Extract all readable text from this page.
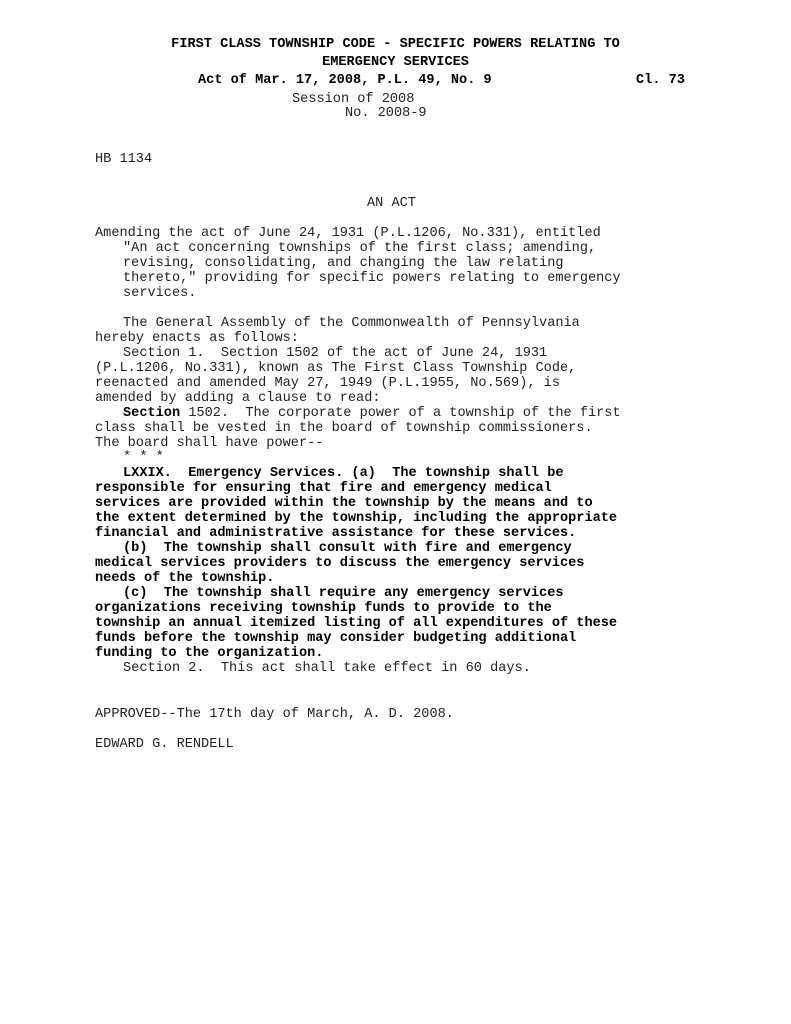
FIRST CLASS TOWNSHIP CODE - SPECIFIC POWERS RELATING TO
EMERGENCY SERVICES
Act of Mar. 17, 2008, P.L. 49, No. 9	Cl. 73
Session of 2008
No. 2008-9
HB 1134
AN ACT
Amending the act of June 24, 1931 (P.L.1206, No.331), entitled
"An act concerning townships of the first class; amending,
revising, consolidating, and changing the law relating
thereto," providing for specific powers relating to emergency
services.
The General Assembly of the Commonwealth of Pennsylvania
hereby enacts as follows:
Section 1.  Section 1502 of the act of June 24, 1931
(P.L.1206, No.331), known as The First Class Township Code,
reenacted and amended May 27, 1949 (P.L.1955, No.569), is
amended by adding a clause to read:
Section 1502.  The corporate power of a township of the first
class shall be vested in the board of township commissioners.
The board shall have power--
* * *
LXXIX.  Emergency Services. (a)  The township shall be
responsible for ensuring that fire and emergency medical
services are provided within the township by the means and to
the extent determined by the township, including the appropriate
financial and administrative assistance for these services.
(b)  The township shall consult with fire and emergency
medical services providers to discuss the emergency services
needs of the township.
(c)  The township shall require any emergency services
organizations receiving township funds to provide to the
township an annual itemized listing of all expenditures of these
funds before the township may consider budgeting additional
funding to the organization.
Section 2.  This act shall take effect in 60 days.
APPROVED--The 17th day of March, A. D. 2008.
EDWARD G. RENDELL
